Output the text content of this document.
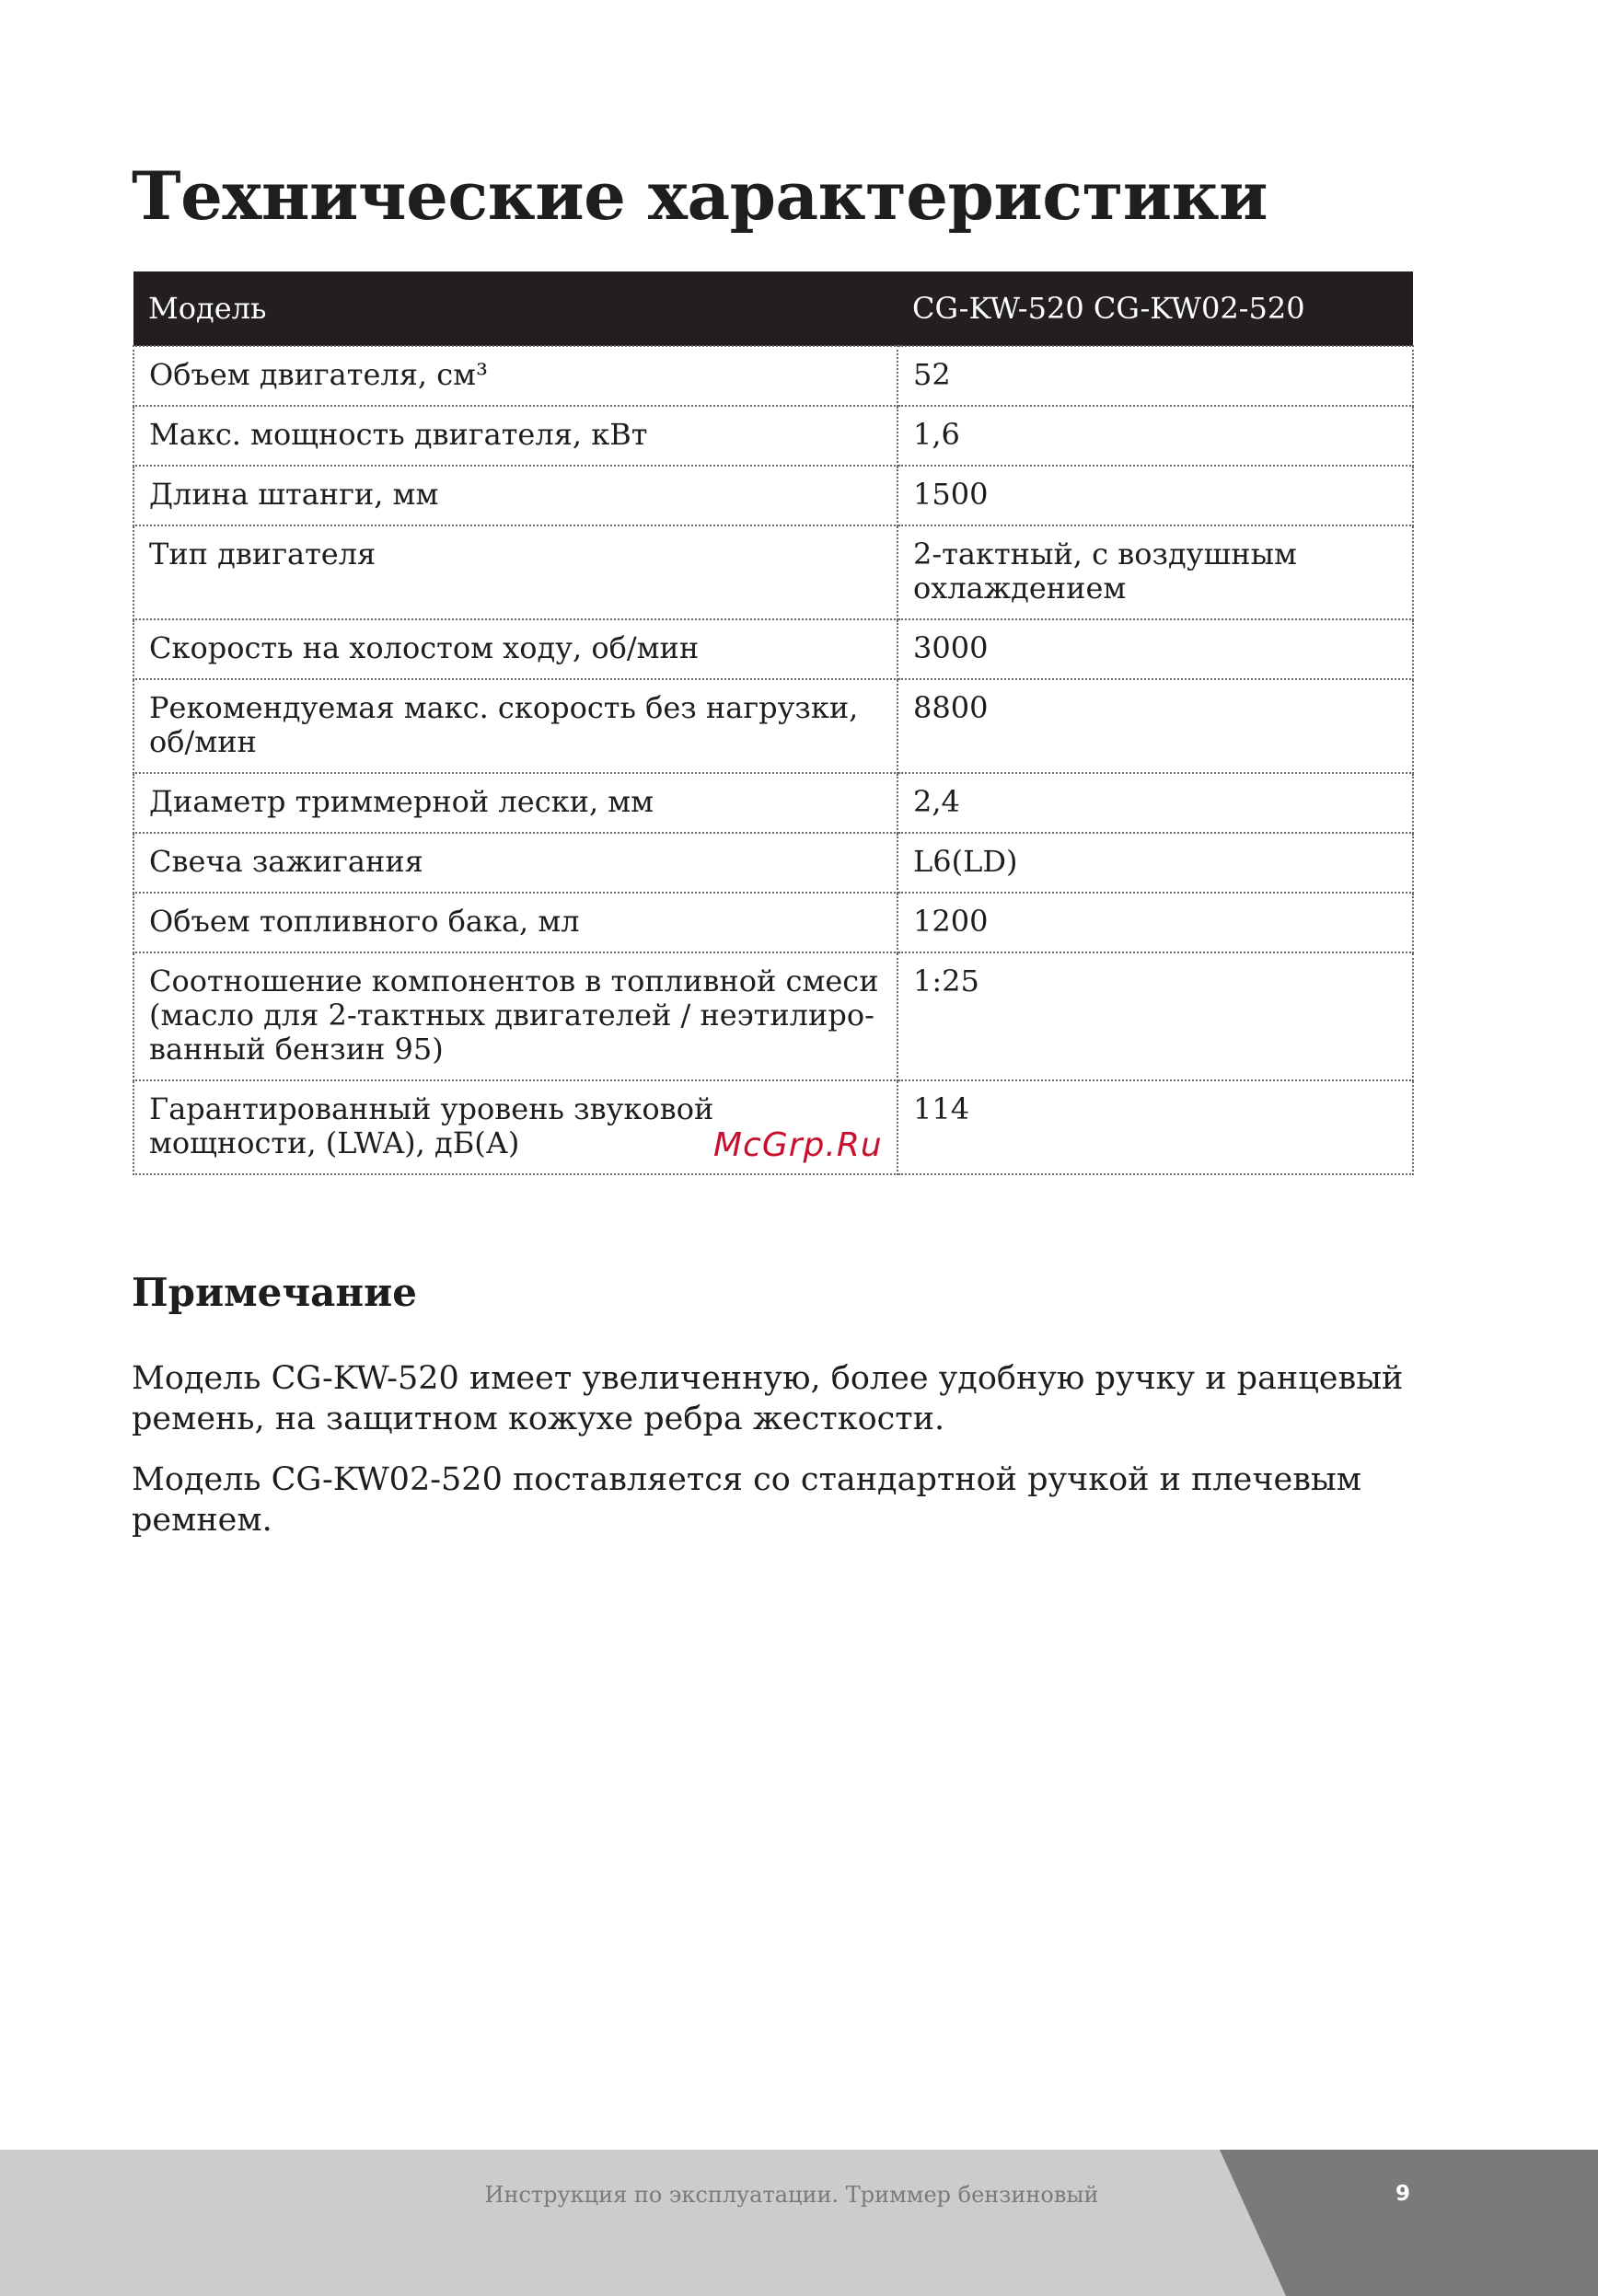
Технические характеристики
Модель	CG-KW-520 CG-KW02-520
Объем двигателя, см³	52
Макс. мощность двигателя, кВт	1,6
Длина штанги, мм	1500
Тип двигателя	2-тактный, с воздушным охлаждением
Скорость на холостом ходу, об/мин	3000
Рекомендуемая макс. скорость без нагрузки, об/мин	8800
Диаметр триммерной лески, мм	2,4
Свеча зажигания	L6(LD)
Объем топливного бака, мл	1200
Соотношение компонентов в топливной смеси (масло для 2-тактных двигателей / неэтилиро-ванный бензин 95)	1:25
Гарантированный уровень звуковой мощности, (LWA), дБ(А)	114
McGrp.Ru
Примечание

Модель CG-KW-520 имеет увеличенную, более удобную ручку и ранцевый ремень, на защитном кожухе ребра жесткости.

Модель CG-KW02-520 поставляется со стандартной ручкой и плечевым ремнем.

Инструкция по эксплуатации. Триммер бензиновый	9
